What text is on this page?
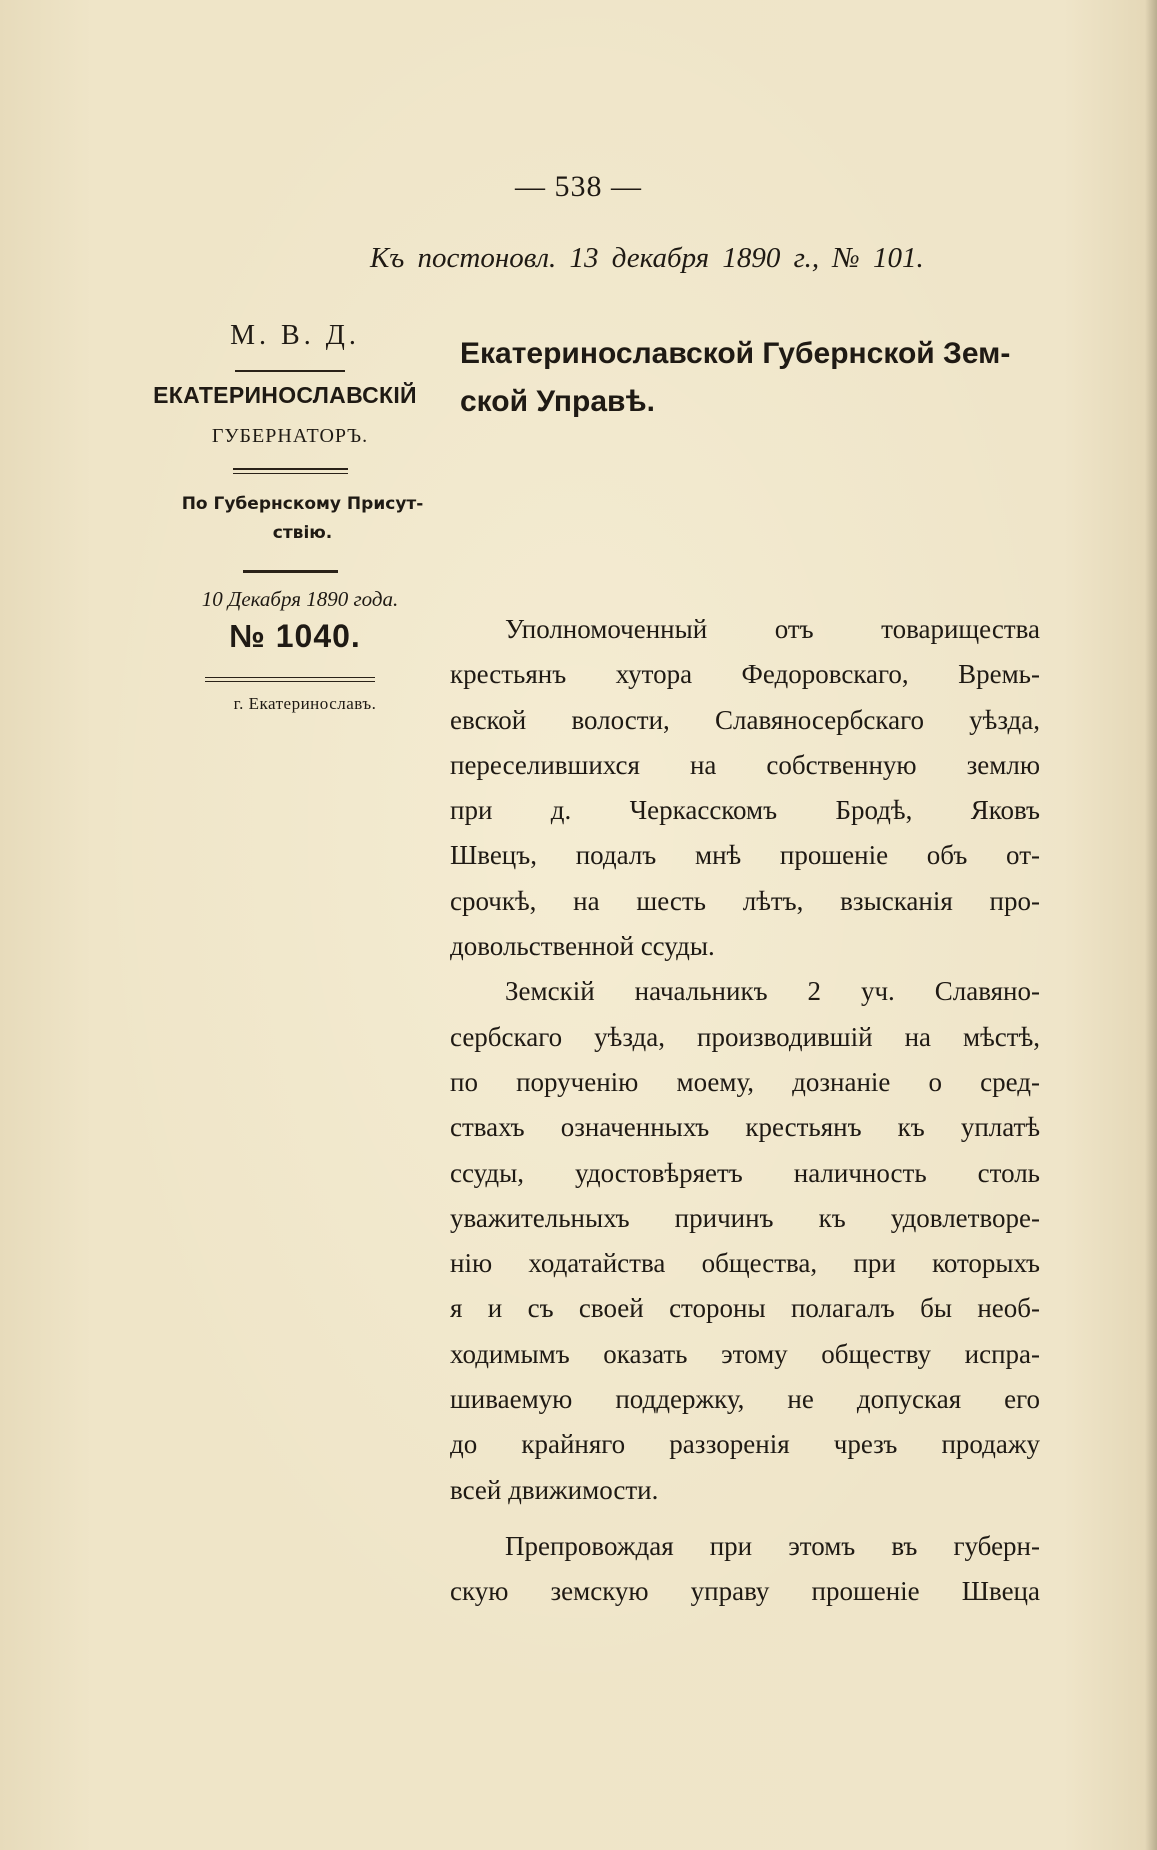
— 538 —
Къ постоновл. 13 декабря 1890 г., № 101.
М. В. Д.
ЕКАТЕРИНОСЛАВСКІЙ
ГУБЕРНАТОРЪ.
По Губернскому Присут-
ствію.
10 Декабря 1890 года.
№ 1040.
г. Екатеринославъ.
Екатеринославской Губернской Зем-
ской Управѣ.
Уполномоченный отъ товарищества
крестьянъ хутора Федоровскаго, Времь-
евской волости, Славяносербскаго уѣзда,
переселившихся на собственную землю
при д. Черкасскомъ Бродѣ, Яковъ
Швецъ, подалъ мнѣ прошеніе объ от-
срочкѣ, на шесть лѣтъ, взысканія про-
довольственной ссуды.
Земскій начальникъ 2 уч. Славяно-
сербскаго уѣзда, производившій на мѣстѣ,
по порученію моему, дознаніе о сред-
ствахъ означенныхъ крестьянъ къ уплатѣ
ссуды, удостовѣряетъ наличность столь
уважительныхъ причинъ къ удовлетворе-
нію ходатайства общества, при которыхъ
я и съ своей стороны полагалъ бы необ-
ходимымъ оказать этому обществу испра-
шиваемую поддержку, не допуская его
до крайняго раззоренія чрезъ продажу
всей движимости.
Препровождая при этомъ въ губерн-
скую земскую управу прошеніе Швеца
